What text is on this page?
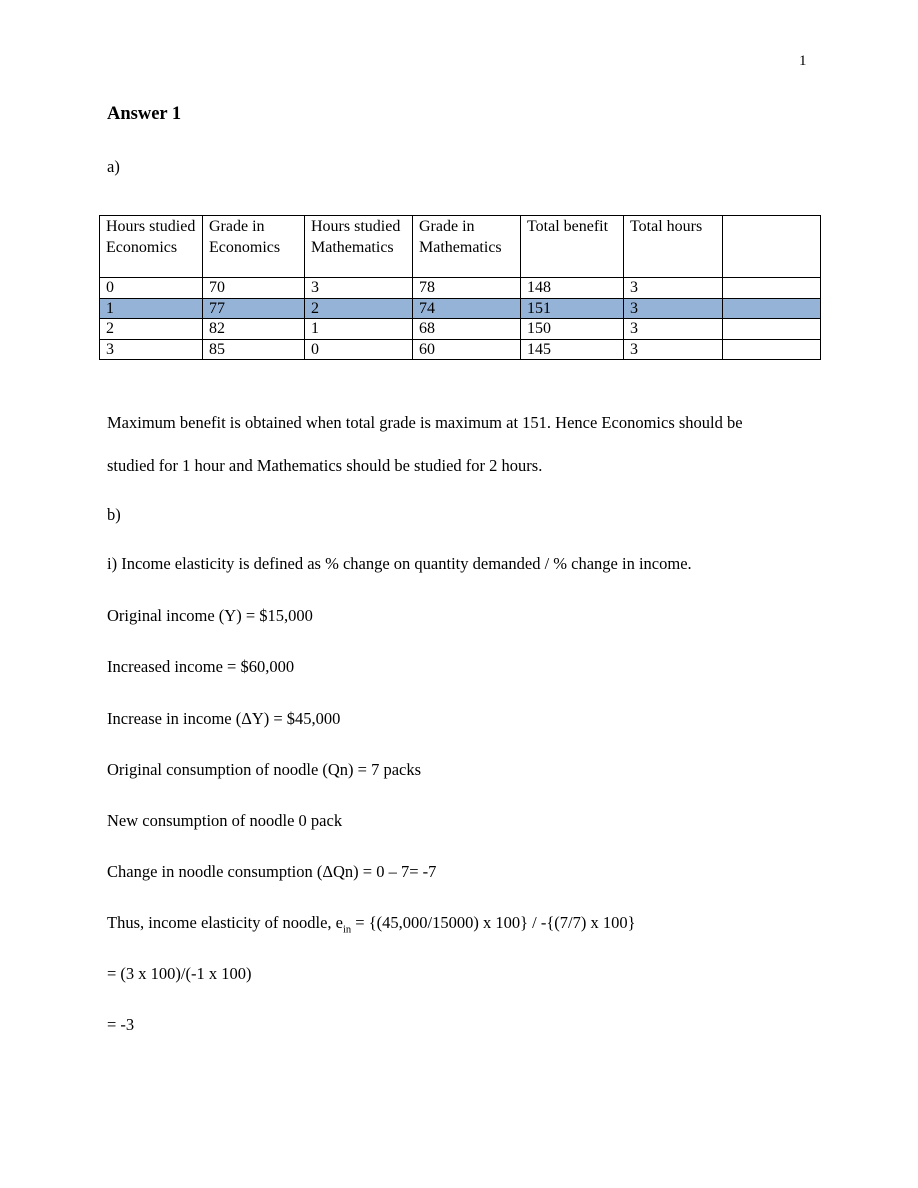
1
Answer 1

a)

Hours studied Economics	Grade in Economics	Hours studied Mathematics	Grade in Mathematics	Total benefit	Total hours	
0	70	3	78	148	3	
1	77	2	74	151	3	
2	82	1	68	150	3	
3	85	0	60	145	3	

Maximum benefit is obtained when total grade is maximum at 151. Hence Economics should be

studied for 1 hour and Mathematics should be studied for 2 hours.

b)

i) Income elasticity is defined as % change on quantity demanded / % change in income.

Original income (Y) = $15,000

Increased income = $60,000

Increase in income (ΔY) = $45,000

Original consumption of noodle (Qn) = 7 packs

New consumption of noodle 0 pack

Change in noodle consumption (ΔQn) = 0 – 7= -7

Thus, income elasticity of noodle, $e_{in} = \{(45,000/15000)$ x 100} / -{(7/7) x 100}

= (3 x 100)/(-1 x 100)

= -3
